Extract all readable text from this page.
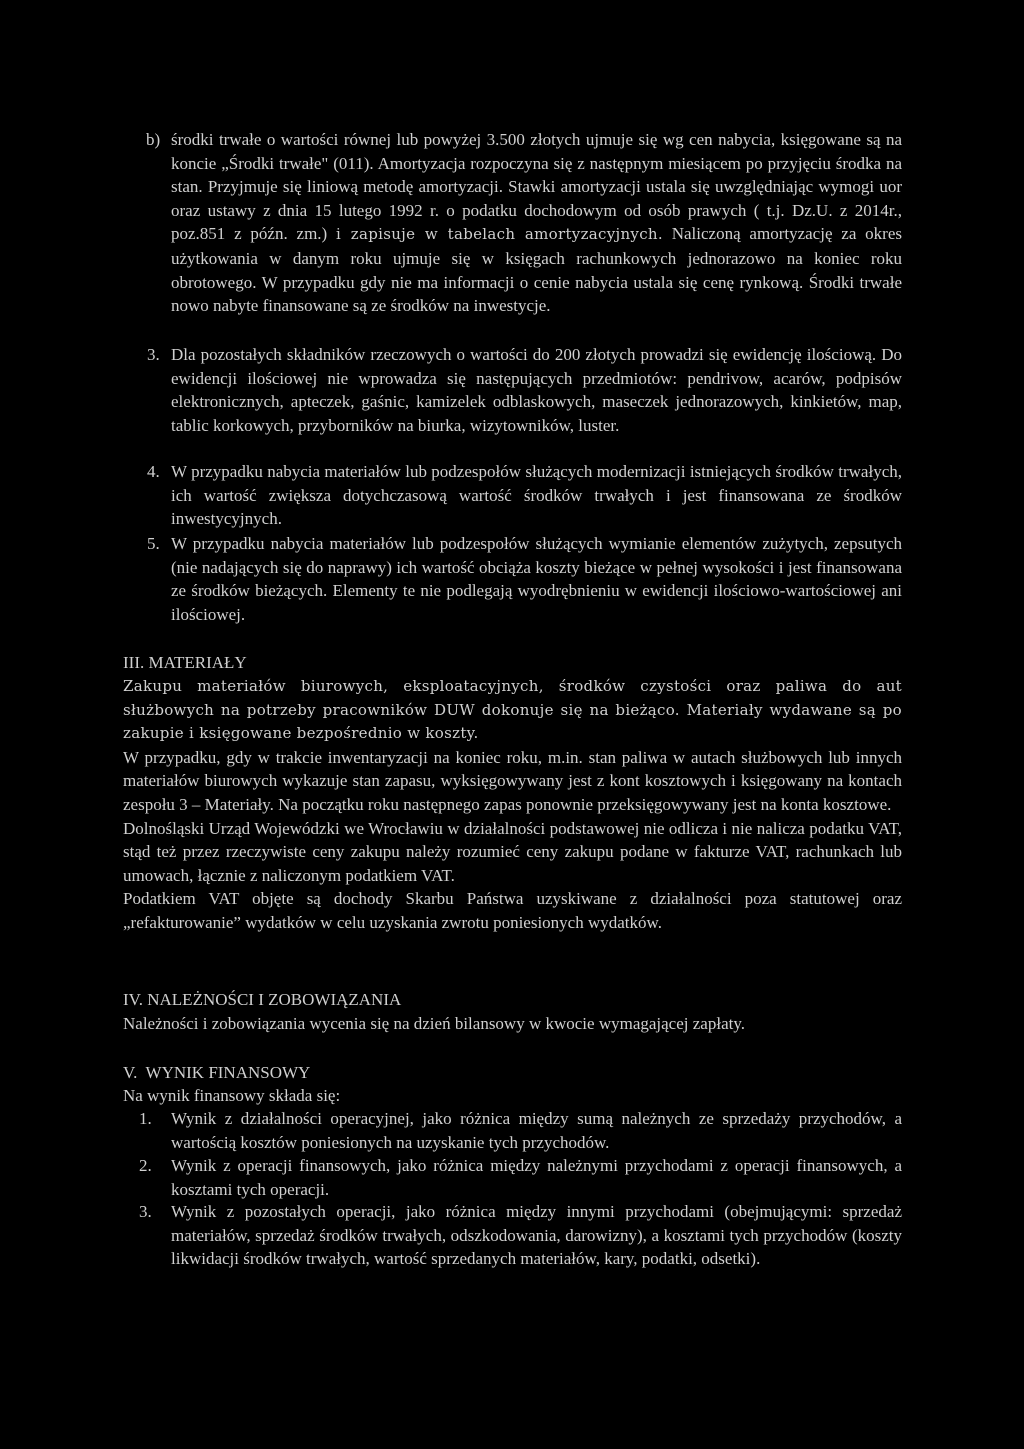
b) środki trwałe o wartości równej lub powyżej 3.500 złotych ujmuje się wg cen nabycia, księgowane są na koncie „Środki trwałe" (011). Amortyzacja rozpoczyna się z następnym miesiącem po przyjęciu środka na stan. Przyjmuje się liniową metodę amortyzacji. Stawki amortyzacji ustala się uwzględniając wymogi uor oraz ustawy z dnia 15 lutego 1992 r. o podatku dochodowym od osób prawych ( t.j. Dz.U. z 2014r., poz.851 z późn. zm.) i zapisuje w tabelach amortyzacyjnych. Naliczoną amortyzację za okres użytkowania w danym roku ujmuje się w księgach rachunkowych jednorazowo na koniec roku obrotowego. W przypadku gdy nie ma informacji o cenie nabycia ustala się cenę rynkową. Środki trwałe nowo nabyte finansowane są ze środków na inwestycje.

3. Dla pozostałych składników rzeczowych o wartości do 200 złotych prowadzi się ewidencję ilościową. Do ewidencji ilościowej nie wprowadza się następujących przedmiotów: pendrivow, acarów, podpisów elektronicznych, apteczek, gaśnic, kamizelek odblaskowych, maseczek jednorazowych, kinkietów, map, tablic korkowych, przyborników na biurka, wizytowników, luster.

4. W przypadku nabycia materiałów lub podzespołów służących modernizacji istniejących środków trwałych, ich wartość zwiększa dotychczasową wartość środków trwałych i jest finansowana ze środków inwestycyjnych.

5. W przypadku nabycia materiałów lub podzespołów służących wymianie elementów zużytych, zepsutych (nie nadających się do naprawy) ich wartość obciąża koszty bieżące w pełnej wysokości i jest finansowana ze środków bieżących. Elementy te nie podlegają wyodrębnieniu w ewidencji ilościowo-wartościowej ani ilościowej.

III. MATERIAŁY

Zakupu materiałów biurowych, eksploatacyjnych, środków czystości oraz paliwa do aut służbowych na potrzeby pracowników DUW dokonuje się na bieżąco. Materiały wydawane są po zakupie i księgowane bezpośrednio w koszty.

W przypadku, gdy w trakcie inwentaryzacji na koniec roku, m.in. stan paliwa w autach służbowych lub innych materiałów biurowych wykazuje stan zapasu, wyksięgowywany jest z kont kosztowych i księgowany na kontach zespołu 3 – Materiały. Na początku roku następnego zapas ponownie przeksięgowywany jest na konta kosztowe.

Dolnośląski Urząd Wojewódzki we Wrocławiu w działalności podstawowej nie odlicza i nie nalicza podatku VAT, stąd też przez rzeczywiste ceny zakupu należy rozumieć ceny zakupu podane w fakturze VAT, rachunkach lub umowach, łącznie z naliczonym podatkiem VAT.

Podatkiem VAT objęte są dochody Skarbu Państwa uzyskiwane z działalności poza statutowej oraz „refakturowanie” wydatków w celu uzyskania zwrotu poniesionych wydatków.

IV. NALEŻNOŚCI I ZOBOWIĄZANIA

Należności i zobowiązania wycenia się na dzień bilansowy w kwocie wymagającej zapłaty.

V.  WYNIK FINANSOWY
Na wynik finansowy składa się:
1. Wynik z działalności operacyjnej, jako różnica między sumą należnych ze sprzedaży przychodów, a wartością kosztów poniesionych na uzyskanie tych przychodów.

2. Wynik z operacji finansowych, jako różnica między należnymi przychodami z operacji finansowych, a kosztami tych operacji.

3. Wynik z pozostałych operacji, jako różnica między innymi przychodami (obejmującymi: sprzedaż materiałów, sprzedaż środków trwałych, odszkodowania, darowizny), a kosztami tych przychodów (koszty likwidacji środków trwałych, wartość sprzedanych materiałów, kary, podatki, odsetki).
